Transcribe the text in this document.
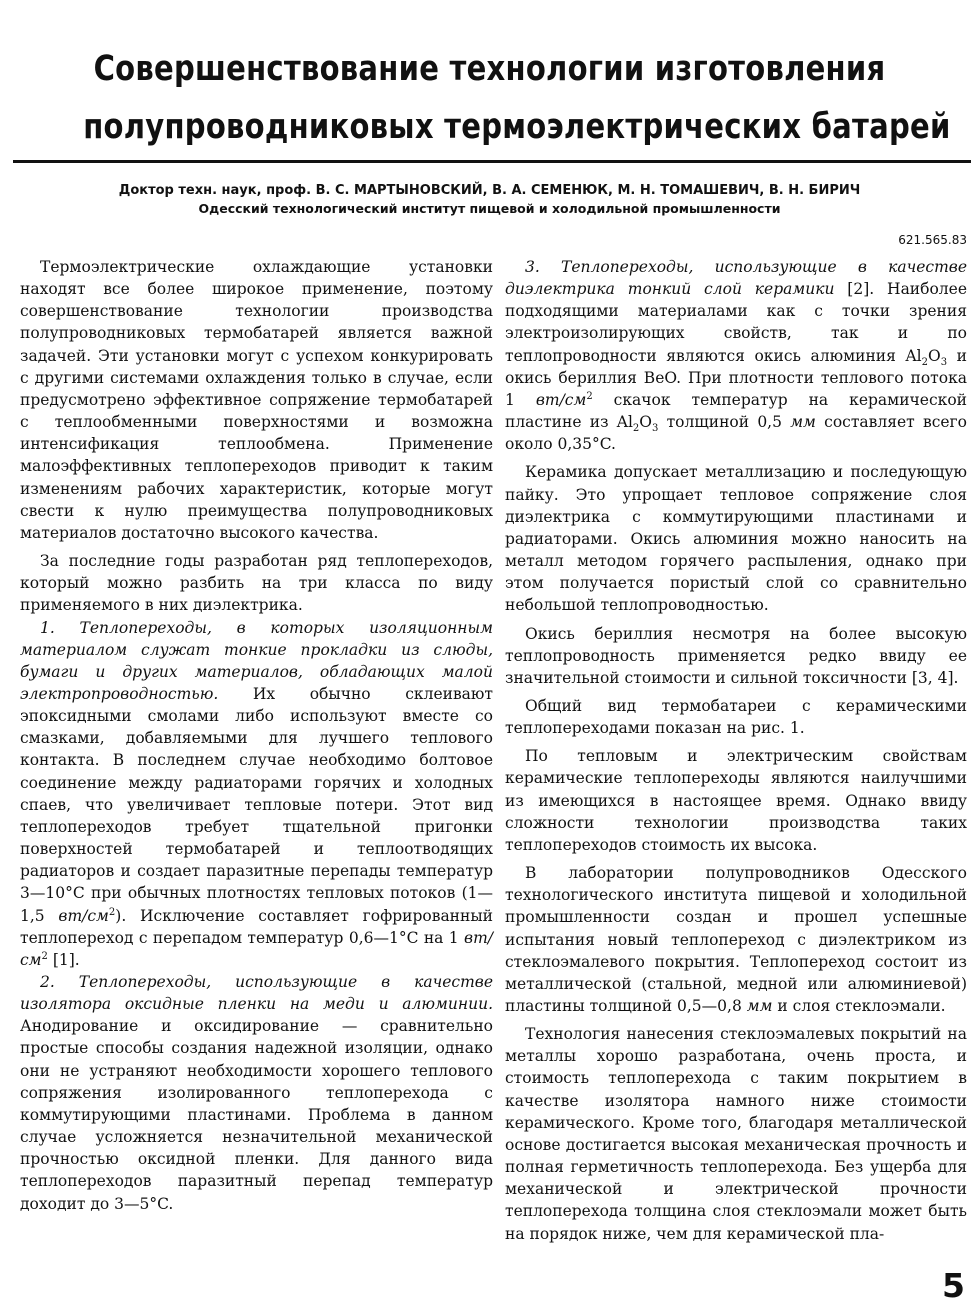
Совершенствование технологии изготовления
полупроводниковых термоэлектрических батарей
Доктор техн. наук, проф. В. С. МАРТЫНОВСКИЙ, В. А. СЕМЕНЮК, М. Н. ТОМАШЕВИЧ, В. Н. БИРИЧ
Одесский технологический институт пищевой и холодильной промышленности
621.565.83

Термоэлектрические охлаждающие установки находят все более широкое применение, поэтому совершенствование технологии производства полупроводниковых термобатарей является важной задачей. Эти установки могут с успехом конкурировать с другими системами охлаждения только в случае, если предусмотрено эффективное сопряжение термобатарей с теплообменными поверхностями и возможна интенсификация теплообмена. Применение малоэффективных теплопереходов приводит к таким изменениям рабочих характеристик, которые могут свести к нулю преимущества полупроводниковых материалов достаточно высокого качества.

За последние годы разработан ряд теплопереходов, который можно разбить на три класса по виду применяемого в них диэлектрика.

1. Теплопереходы, в которых изоляционным материалом служат тонкие прокладки из слюды, бумаги и других материалов, обладающих малой электропроводностью. Их обычно склеивают эпоксидными смолами либо используют вместе со смазками, добавляемыми для лучшего теплового контакта. В последнем случае необходимо болтовое соединение между радиаторами горячих и холодных спаев, что увеличивает тепловые потери. Этот вид теплопереходов требует тщательной пригонки поверхностей термобатарей и теплоотводящих радиаторов и создает паразитные перепады температур 3—10°C при обычных плотностях тепловых потоков (1—1,5 $вт/см^2$). Исключение составляет гофрированный теплопереход с перепадом температур 0,6—1°C на 1 $вт/см^2$ [1].

2. Теплопереходы, использующие в качестве изолятора оксидные пленки на меди и алюминии. Анодирование и оксидирование — сравнительно простые способы создания надежной изоляции, однако они не устраняют необходимости хорошего теплового сопряжения изолированного теплоперехода с коммутирующими пластинами. Проблема в данном случае усложняется незначительной механической прочностью оксидной пленки. Для данного вида теплопереходов паразитный перепад температур доходит до 3—5°C.

3. Теплопереходы, использующие в качестве диэлектрика тонкий слой керамики [2]. Наиболее подходящими материалами как с точки зрения электроизолирующих свойств, так и по теплопроводности являются окись алюминия $Al_2O_3$ и окись бериллия BeO. При плотности теплового потока 1 $вт/см^2$ скачок температур на керамической пластине из $Al_2O_3$ толщиной 0,5 мм составляет всего около 0,35°C.

Керамика допускает металлизацию и последующую пайку. Это упрощает тепловое сопряжение слоя диэлектрика с коммутирующими пластинами и радиаторами. Окись алюминия можно наносить на металл методом горячего распыления, однако при этом получается пористый слой со сравнительно небольшой теплопроводностью.

Окись бериллия несмотря на более высокую теплопроводность применяется редко ввиду ее значительной стоимости и сильной токсичности [3, 4].

Общий вид термобатареи с керамическими теплопереходами показан на рис. 1.

По тепловым и электрическим свойствам керамические теплопереходы являются наилучшими из имеющихся в настоящее время. Однако ввиду сложности технологии производства таких теплопереходов стоимость их высока.

В лаборатории полупроводников Одесского технологического института пищевой и холодильной промышленности создан и прошел успешные испытания новый теплопереход с диэлектриком из стеклоэмалевого покрытия. Теплопереход состоит из металлической (стальной, медной или алюминиевой) пластины толщиной 0,5—0,8 мм и слоя стеклоэмали.

Технология нанесения стеклоэмалевых покрытий на металлы хорошо разработана, очень проста, и стоимость теплоперехода с таким покрытием в качестве изолятора намного ниже стоимости керамического. Кроме того, благодаря металлической основе достигается высокая механическая прочность и полная герметичность теплоперехода. Без ущерба для механической и электрической прочности теплоперехода толщина слоя стеклоэмали может быть на порядок ниже, чем для керамической пла-

5
